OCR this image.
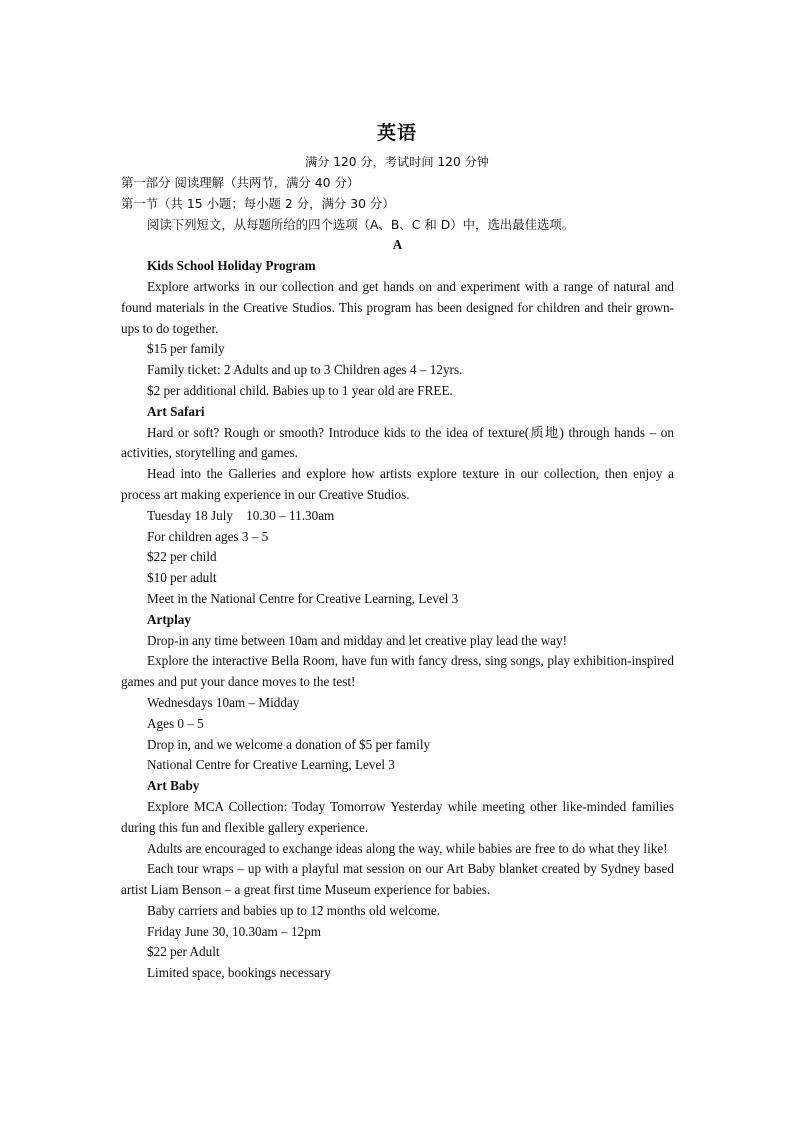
英语
满分 120 分，考试时间 120 分钟
第一部分 阅读理解（共两节，满分 40 分）
第一节（共 15 小题；每小题 2 分，满分 30 分）
阅读下列短文，从每题所给的四个选项（A、B、C 和 D）中，选出最佳选项。
A
Kids School Holiday Program
Explore artworks in our collection and get hands on and experiment with a range of natural and found materials in the Creative Studios. This program has been designed for children and their grown-ups to do together.
$15 per family
Family ticket: 2 Adults and up to 3 Children ages 4 – 12yrs.
$2 per additional child. Babies up to 1 year old are FREE.
Art Safari
Hard or soft? Rough or smooth? Introduce kids to the idea of texture(质地) through hands – on activities, storytelling and games.
Head into the Galleries and explore how artists explore texture in our collection, then enjoy a process art making experience in our Creative Studios.
Tuesday 18 July    10.30 – 11.30am
For children ages 3 – 5
$22 per child
$10 per adult
Meet in the National Centre for Creative Learning, Level 3
Artplay
Drop-in any time between 10am and midday and let creative play lead the way!
Explore the interactive Bella Room, have fun with fancy dress, sing songs, play exhibition-inspired games and put your dance moves to the test!
Wednesdays 10am – Midday
Ages 0 – 5
Drop in, and we welcome a donation of $5 per family
National Centre for Creative Learning, Level 3
Art Baby
Explore MCA Collection: Today Tomorrow Yesterday while meeting other like-minded families during this fun and flexible gallery experience.
Adults are encouraged to exchange ideas along the way, while babies are free to do what they like!
Each tour wraps – up with a playful mat session on our Art Baby blanket created by Sydney based artist Liam Benson – a great first time Museum experience for babies.
Baby carriers and babies up to 12 months old welcome.
Friday June 30, 10.30am – 12pm
$22 per Adult
Limited space, bookings necessary
